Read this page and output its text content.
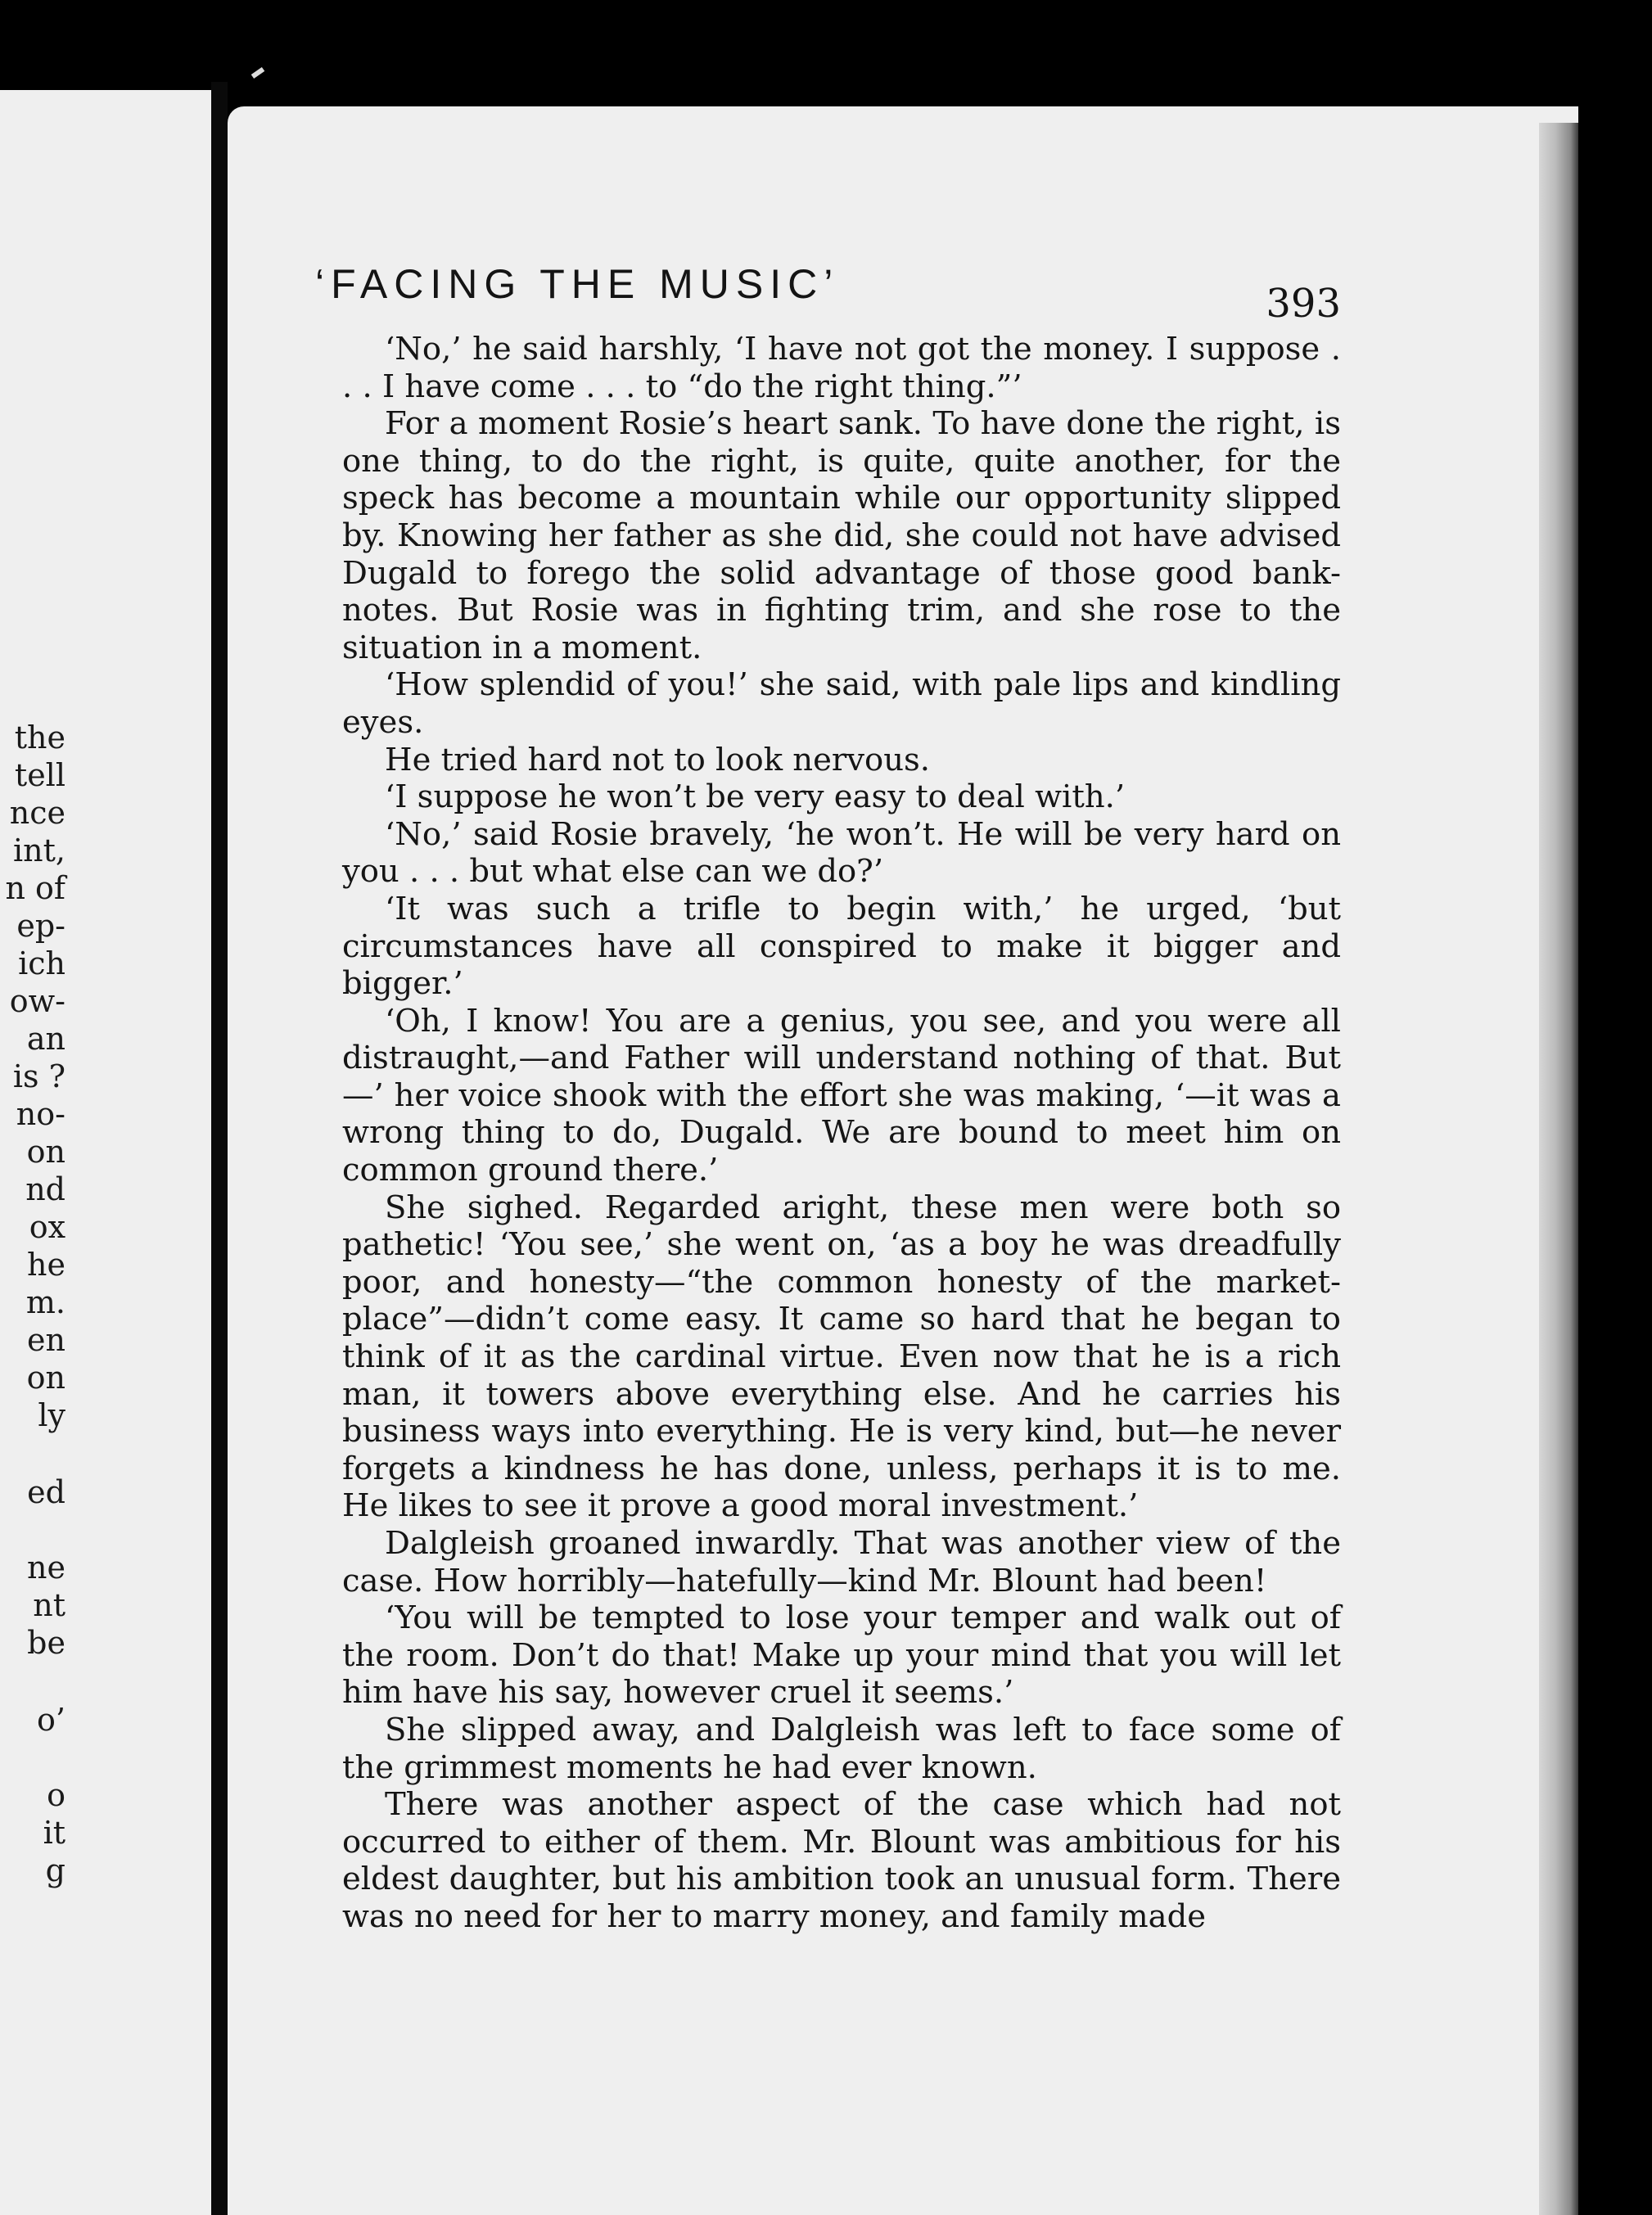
the
tell
nce
int,
n of
ep-
ich
ow-
an
is ?
no-
on
nd
ox
he
m.
en
on
ly
ed
ne
nt
be
o’
o
it
g
‘FACING THE MUSIC’	393

‘No,’ he said harshly, ‘I have not got the money. I suppose . . . I have come . . . to “do the right thing.”’

For a moment Rosie’s heart sank. To have done the right, is one thing, to do the right, is quite, quite another, for the speck has become a mountain while our opportunity slipped by. Knowing her father as she did, she could not have advised Dugald to forego the solid advantage of those good bank-notes. But Rosie was in fighting trim, and she rose to the situation in a moment.

‘How splendid of you!’ she said, with pale lips and kindling eyes.

He tried hard not to look nervous.

‘I suppose he won’t be very easy to deal with.’

‘No,’ said Rosie bravely, ‘he won’t. He will be very hard on you . . . but what else can we do?’

‘It was such a trifle to begin with,’ he urged, ‘but circumstances have all conspired to make it bigger and bigger.’

‘Oh, I know! You are a genius, you see, and you were all distraught,—and Father will understand nothing of that. But—’ her voice shook with the effort she was making, ‘—it was a wrong thing to do, Dugald. We are bound to meet him on common ground there.’

She sighed. Regarded aright, these men were both so pathetic! ‘You see,’ she went on, ‘as a boy he was dreadfully poor, and honesty—“the common honesty of the market-place”—didn’t come easy. It came so hard that he began to think of it as the cardinal virtue. Even now that he is a rich man, it towers above everything else. And he carries his business ways into everything. He is very kind, but—he never forgets a kindness he has done, unless, perhaps it is to me. He likes to see it prove a good moral investment.’

Dalgleish groaned inwardly. That was another view of the case. How horribly—hatefully—kind Mr. Blount had been!

‘You will be tempted to lose your temper and walk out of the room. Don’t do that! Make up your mind that you will let him have his say, however cruel it seems.’

She slipped away, and Dalgleish was left to face some of the grimmest moments he had ever known.

There was another aspect of the case which had not occurred to either of them. Mr. Blount was ambitious for his eldest daughter, but his ambition took an unusual form. There was no need for her to marry money, and family made
